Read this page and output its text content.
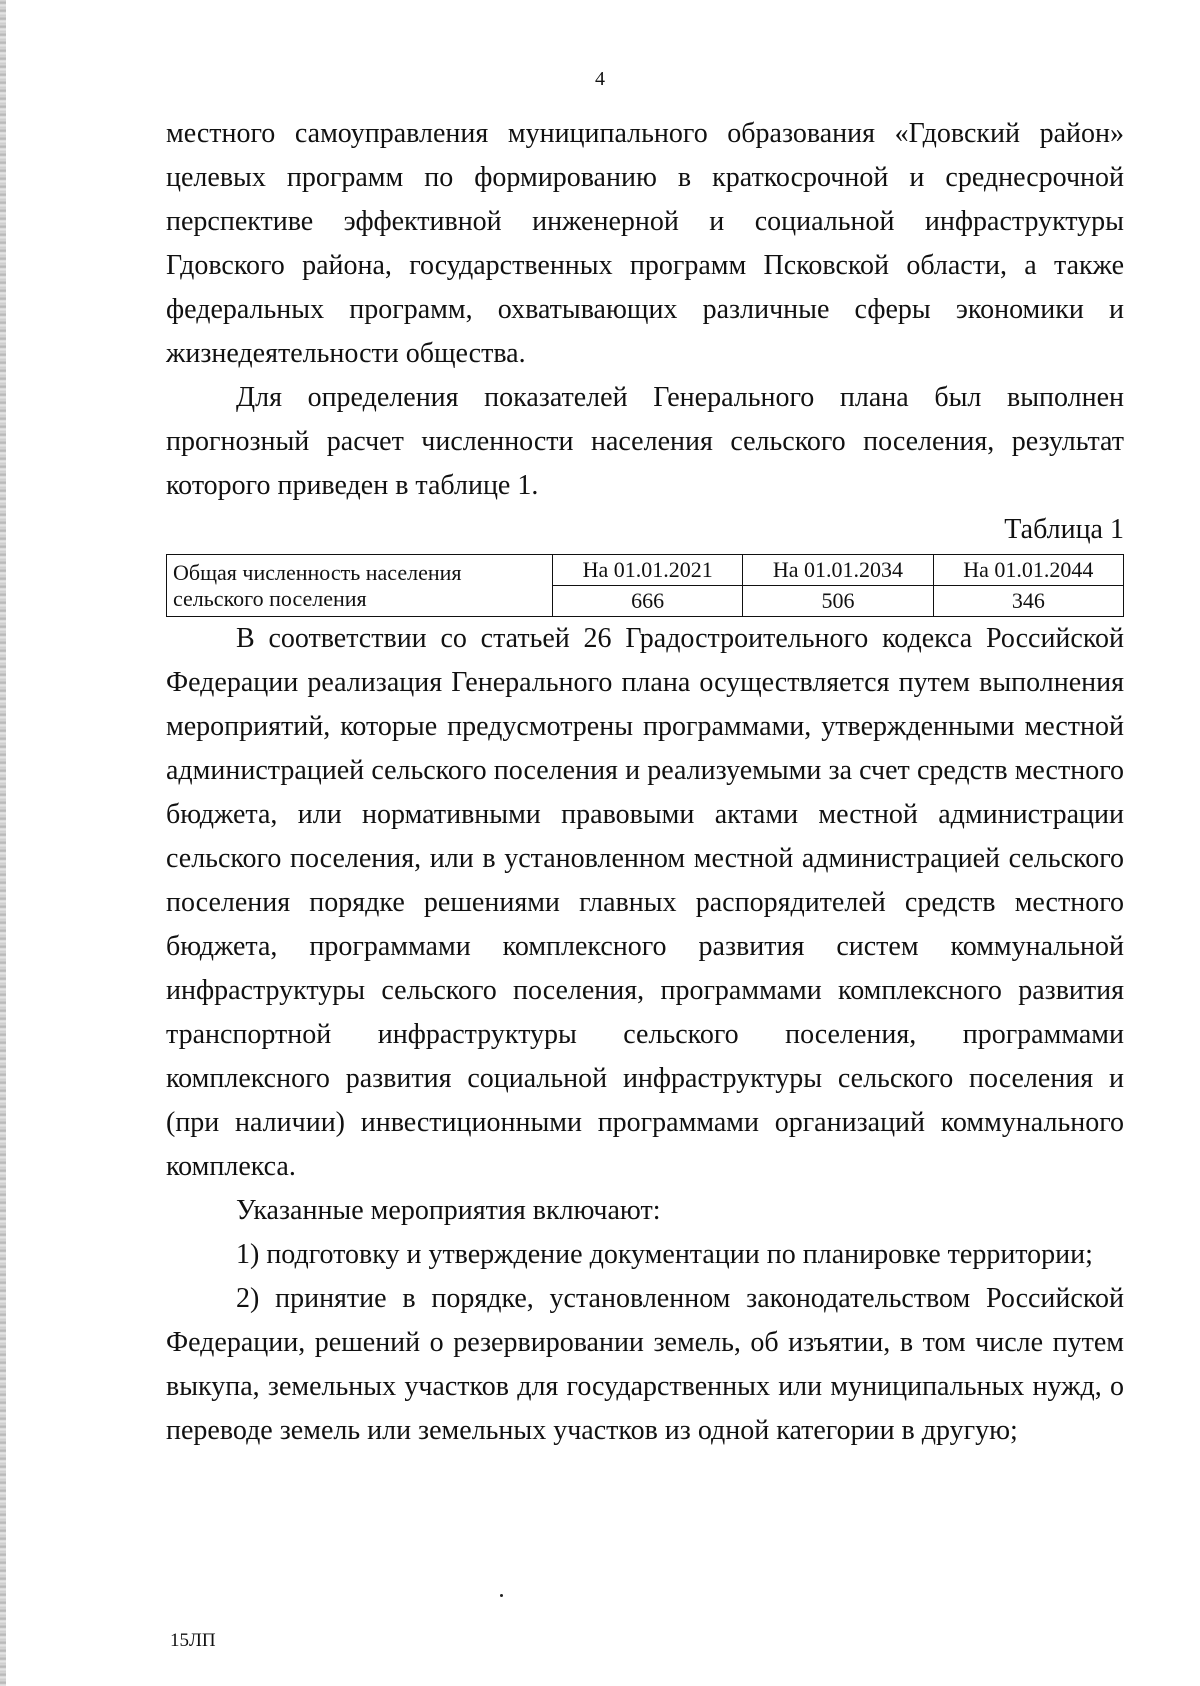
4

местного самоуправления муниципального образования «Гдовский район» целевых программ по формированию в краткосрочной и среднесрочной перспективе эффективной инженерной и социальной инфраструктуры Гдовского района, государственных программ Псковской области, а также федеральных программ, охватывающих различные сферы экономики и жизнедеятельности общества.

Для определения показателей Генерального плана был выполнен прогнозный расчет численности населения сельского поселения, результат которого приведен в таблице 1.

Таблица 1
Общая численность населения сельского поселения	На 01.01.2021	На 01.01.2034	На 01.01.2044
	666	506	346

В соответствии со статьей 26 Градостроительного кодекса Российской Федерации реализация Генерального плана осуществляется путем выполнения мероприятий, которые предусмотрены программами, утвержденными местной администрацией сельского поселения и реализуемыми за счет средств местного бюджета, или нормативными правовыми актами местной администрации сельского поселения, или в установленном местной администрацией сельского поселения порядке решениями главных распорядителей средств местного бюджета, программами комплексного развития систем коммунальной инфраструктуры сельского поселения, программами комплексного развития транспортной инфраструктуры сельского поселения, программами комплексного развития социальной инфраструктуры сельского поселения и (при наличии) инвестиционными программами организаций коммунального комплекса.

Указанные мероприятия включают:

1) подготовку и утверждение документации по планировке территории;

2) принятие в порядке, установленном законодательством Российской Федерации, решений о резервировании земель, об изъятии, в том числе путем выкупа, земельных участков для государственных или муниципальных нужд, о переводе земель или земельных участков из одной категории в другую;

15ЛП
